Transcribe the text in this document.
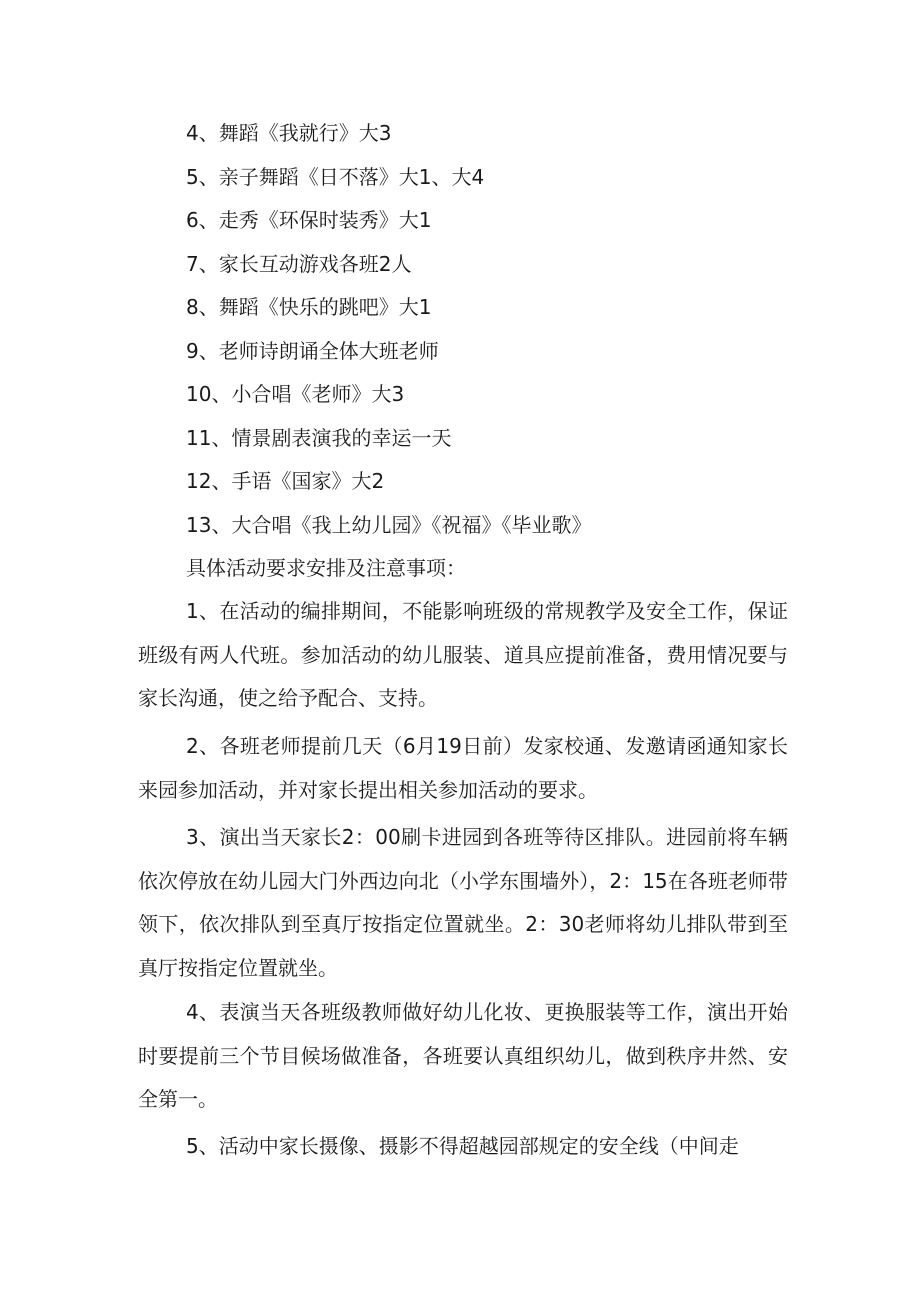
4、舞蹈《我就行》大3
5、亲子舞蹈《日不落》大1、大4
6、走秀《环保时装秀》大1
7、家长互动游戏各班2人
8、舞蹈《快乐的跳吧》大1
9、老师诗朗诵全体大班老师
10、小合唱《老师》大3
11、情景剧表演我的幸运一天
12、手语《国家》大2
13、大合唱《我上幼儿园》《祝福》《毕业歌》
具体活动要求安排及注意事项：

1、在活动的编排期间，不能影响班级的常规教学及安全工作，保证班级有两人代班。参加活动的幼儿服装、道具应提前准备，费用情况要与家长沟通，使之给予配合、支持。

2、各班老师提前几天（6月19日前）发家校通、发邀请函通知家长来园参加活动，并对家长提出相关参加活动的要求。

3、演出当天家长2：00刷卡进园到各班等待区排队。进园前将车辆依次停放在幼儿园大门外西边向北（小学东围墙外），2：15在各班老师带领下，依次排队到至真厅按指定位置就坐。2：30老师将幼儿排队带到至真厅按指定位置就坐。

4、表演当天各班级教师做好幼儿化妆、更换服装等工作，演出开始时要提前三个节目候场做准备，各班要认真组织幼儿，做到秩序井然、安全第一。

5、活动中家长摄像、摄影不得超越园部规定的安全线（中间走
